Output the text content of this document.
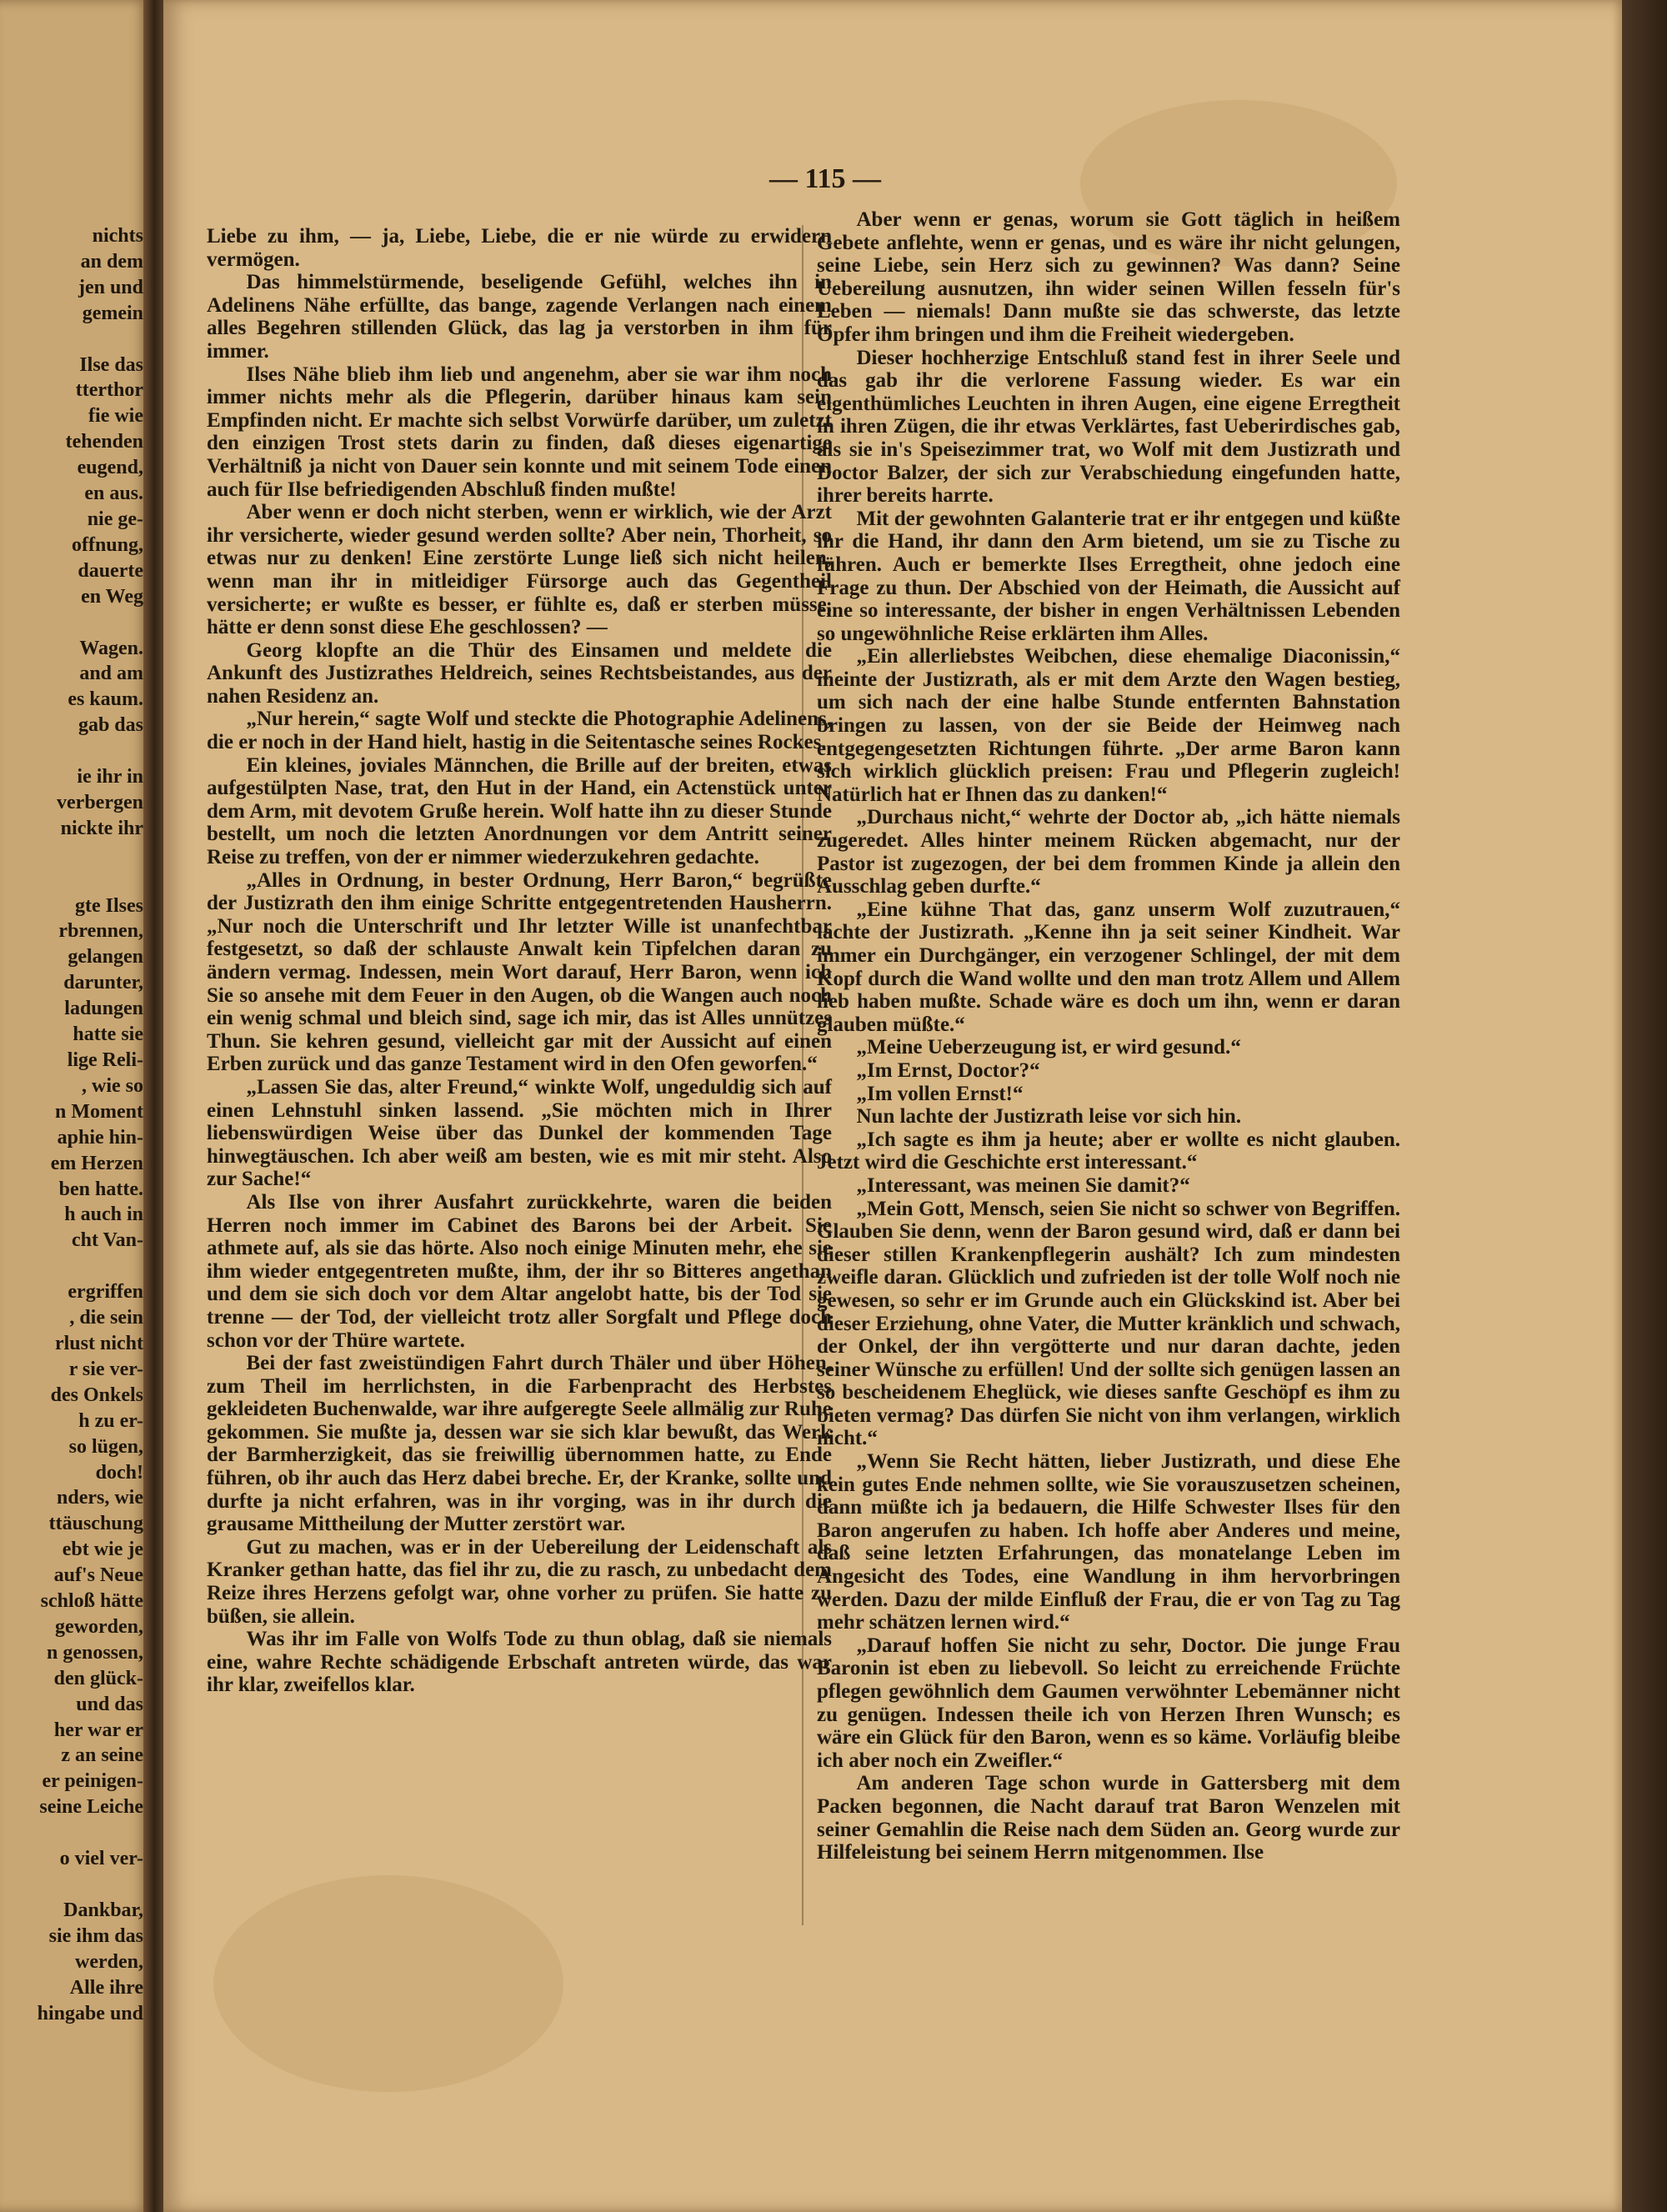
nichts
an dem
jen und
gemein

Ilse das
tterthor
fie wie
tehenden
eugend,
en aus.
nie ge-
offnung,
dauerte
en Weg

Wagen.
and am
es kaum.
gab das

ie ihr in
verbergen
nickte ihr

gte Ilses
rbrennen,
gelangen
darunter,
ladungen
hatte sie
lige Reli-
, wie so
n Moment
aphie hin-
em Herzen
ben hatte.
h auch in
cht Van-

ergriffen
, die sein
rlust nicht
r sie ver-
des Onkels
h zu er-
so lügen,
doch!
nders, wie
ttäuschung
ebt wie je
auf's Neue
schloß hätte
geworden,
n genossen,
den glück-
und das
her war er
z an seine
er peinigen-
seine Leiche

o viel ver-

Dankbar,
sie ihm das
werden,
Alle ihre
hingabe und
— 115 —

Liebe zu ihm, — ja, Liebe, Liebe, die er nie würde zu erwidern vermögen.

Das himmelstürmende, beseligende Gefühl, welches ihn in Adelinens Nähe erfüllte, das bange, zagende Verlangen nach einem alles Begehren stillenden Glück, das lag ja verstorben in ihm für immer.

Ilses Nähe blieb ihm lieb und angenehm, aber sie war ihm noch immer nichts mehr als die Pflegerin, darüber hinaus kam sein Empfinden nicht. Er machte sich selbst Vorwürfe darüber, um zuletzt den einzigen Trost stets darin zu finden, daß dieses eigenartige Verhältniß ja nicht von Dauer sein konnte und mit seinem Tode einen auch für Ilse befriedigenden Abschluß finden mußte!

Aber wenn er doch nicht sterben, wenn er wirklich, wie der Arzt ihr versicherte, wieder gesund werden sollte? Aber nein, Thorheit, so etwas nur zu denken! Eine zerstörte Lunge ließ sich nicht heilen, wenn man ihr in mitleidiger Fürsorge auch das Gegentheil versicherte; er wußte es besser, er fühlte es, daß er sterben müsse, hätte er denn sonst diese Ehe geschlossen? —

Georg klopfte an die Thür des Einsamen und meldete die Ankunft des Justizrathes Heldreich, seines Rechtsbeistandes, aus der nahen Residenz an.

„Nur herein,“ sagte Wolf und steckte die Photographie Adelinens, die er noch in der Hand hielt, hastig in die Seitentasche seines Rockes.

Ein kleines, joviales Männchen, die Brille auf der breiten, etwas aufgestülpten Nase, trat, den Hut in der Hand, ein Actenstück unter dem Arm, mit devotem Gruße herein. Wolf hatte ihn zu dieser Stunde bestellt, um noch die letzten Anordnungen vor dem Antritt seiner Reise zu treffen, von der er nimmer wiederzukehren gedachte.

„Alles in Ordnung, in bester Ordnung, Herr Baron,“ begrüßte der Justizrath den ihm einige Schritte entgegentretenden Hausherrn. „Nur noch die Unterschrift und Ihr letzter Wille ist unanfechtbar festgesetzt, so daß der schlauste Anwalt kein Tipfelchen daran zu ändern vermag. Indessen, mein Wort darauf, Herr Baron, wenn ich Sie so ansehe mit dem Feuer in den Augen, ob die Wangen auch noch ein wenig schmal und bleich sind, sage ich mir, das ist Alles unnützes Thun. Sie kehren gesund, vielleicht gar mit der Aussicht auf einen Erben zurück und das ganze Testament wird in den Ofen geworfen.“

„Lassen Sie das, alter Freund,“ winkte Wolf, ungeduldig sich auf einen Lehnstuhl sinken lassend. „Sie möchten mich in Ihrer liebenswürdigen Weise über das Dunkel der kommenden Tage hinwegtäuschen. Ich aber weiß am besten, wie es mit mir steht. Also zur Sache!“

Als Ilse von ihrer Ausfahrt zurückkehrte, waren die beiden Herren noch immer im Cabinet des Barons bei der Arbeit. Sie athmete auf, als sie das hörte. Also noch einige Minuten mehr, ehe sie ihm wieder entgegentreten mußte, ihm, der ihr so Bitteres angethan und dem sie sich doch vor dem Altar angelobt hatte, bis der Tod sie trenne — der Tod, der vielleicht trotz aller Sorgfalt und Pflege doch schon vor der Thüre wartete.

Bei der fast zweistündigen Fahrt durch Thäler und über Höhen, zum Theil im herrlichsten, in die Farbenpracht des Herbstes gekleideten Buchenwalde, war ihre aufgeregte Seele allmälig zur Ruhe gekommen. Sie mußte ja, dessen war sie sich klar bewußt, das Werk der Barmherzigkeit, das sie freiwillig übernommen hatte, zu Ende führen, ob ihr auch das Herz dabei breche. Er, der Kranke, sollte und durfte ja nicht erfahren, was in ihr vorging, was in ihr durch die grausame Mittheilung der Mutter zerstört war.

Gut zu machen, was er in der Uebereilung der Leidenschaft als Kranker gethan hatte, das fiel ihr zu, die zu rasch, zu unbedacht dem Reize ihres Herzens gefolgt war, ohne vorher zu prüfen. Sie hatte zu büßen, sie allein.

Was ihr im Falle von Wolfs Tode zu thun oblag, daß sie niemals eine, wahre Rechte schädigende Erbschaft antreten würde, das war ihr klar, zweifellos klar.

Aber wenn er genas, worum sie Gott täglich in heißem Gebete anflehte, wenn er genas, und es wäre ihr nicht gelungen, seine Liebe, sein Herz sich zu gewinnen? Was dann? Seine Uebereilung ausnutzen, ihn wider seinen Willen fesseln für's Leben — niemals! Dann mußte sie das schwerste, das letzte Opfer ihm bringen und ihm die Freiheit wiedergeben.

Dieser hochherzige Entschluß stand fest in ihrer Seele und das gab ihr die verlorene Fassung wieder. Es war ein eigenthümliches Leuchten in ihren Augen, eine eigene Erregtheit in ihren Zügen, die ihr etwas Verklärtes, fast Ueberirdisches gab, als sie in's Speisezimmer trat, wo Wolf mit dem Justizrath und Doctor Balzer, der sich zur Verabschiedung eingefunden hatte, ihrer bereits harrte.

Mit der gewohnten Galanterie trat er ihr entgegen und küßte ihr die Hand, ihr dann den Arm bietend, um sie zu Tische zu führen. Auch er bemerkte Ilses Erregtheit, ohne jedoch eine Frage zu thun. Der Abschied von der Heimath, die Aussicht auf eine so interessante, der bisher in engen Verhältnissen Lebenden so ungewöhnliche Reise erklärten ihm Alles.

„Ein allerliebstes Weibchen, diese ehemalige Diaconissin,“ meinte der Justizrath, als er mit dem Arzte den Wagen bestieg, um sich nach der eine halbe Stunde entfernten Bahnstation bringen zu lassen, von der sie Beide der Heimweg nach entgegengesetzten Richtungen führte. „Der arme Baron kann sich wirklich glücklich preisen: Frau und Pflegerin zugleich! Natürlich hat er Ihnen das zu danken!“

„Durchaus nicht,“ wehrte der Doctor ab, „ich hätte niemals zugeredet. Alles hinter meinem Rücken abgemacht, nur der Pastor ist zugezogen, der bei dem frommen Kinde ja allein den Ausschlag geben durfte.“

„Eine kühne That das, ganz unserm Wolf zuzutrauen,“ lachte der Justizrath. „Kenne ihn ja seit seiner Kindheit. War immer ein Durchgänger, ein verzogener Schlingel, der mit dem Kopf durch die Wand wollte und den man trotz Allem und Allem lieb haben mußte. Schade wäre es doch um ihn, wenn er daran glauben müßte.“

„Meine Ueberzeugung ist, er wird gesund.“

„Im Ernst, Doctor?“

„Im vollen Ernst!“

Nun lachte der Justizrath leise vor sich hin.

„Ich sagte es ihm ja heute; aber er wollte es nicht glauben. Jetzt wird die Geschichte erst interessant.“

„Interessant, was meinen Sie damit?“

„Mein Gott, Mensch, seien Sie nicht so schwer von Begriffen. Glauben Sie denn, wenn der Baron gesund wird, daß er dann bei dieser stillen Krankenpflegerin aushält? Ich zum mindesten zweifle daran. Glücklich und zufrieden ist der tolle Wolf noch nie gewesen, so sehr er im Grunde auch ein Glückskind ist. Aber bei dieser Erziehung, ohne Vater, die Mutter kränklich und schwach, der Onkel, der ihn vergötterte und nur daran dachte, jeden seiner Wünsche zu erfüllen! Und der sollte sich genügen lassen an so bescheidenem Eheglück, wie dieses sanfte Geschöpf es ihm zu bieten vermag? Das dürfen Sie nicht von ihm verlangen, wirklich nicht.“

„Wenn Sie Recht hätten, lieber Justizrath, und diese Ehe kein gutes Ende nehmen sollte, wie Sie vorauszusetzen scheinen, dann müßte ich ja bedauern, die Hilfe Schwester Ilses für den Baron angerufen zu haben. Ich hoffe aber Anderes und meine, daß seine letzten Erfahrungen, das monatelange Leben im Angesicht des Todes, eine Wandlung in ihm hervorbringen werden. Dazu der milde Einfluß der Frau, die er von Tag zu Tag mehr schätzen lernen wird.“

„Darauf hoffen Sie nicht zu sehr, Doctor. Die junge Frau Baronin ist eben zu liebevoll. So leicht zu erreichende Früchte pflegen gewöhnlich dem Gaumen verwöhnter Lebemänner nicht zu genügen. Indessen theile ich von Herzen Ihren Wunsch; es wäre ein Glück für den Baron, wenn es so käme. Vorläufig bleibe ich aber noch ein Zweifler.“

Am anderen Tage schon wurde in Gattersberg mit dem Packen begonnen, die Nacht darauf trat Baron Wenzelen mit seiner Gemahlin die Reise nach dem Süden an. Georg wurde zur Hilfeleistung bei seinem Herrn mitgenommen. Ilse
